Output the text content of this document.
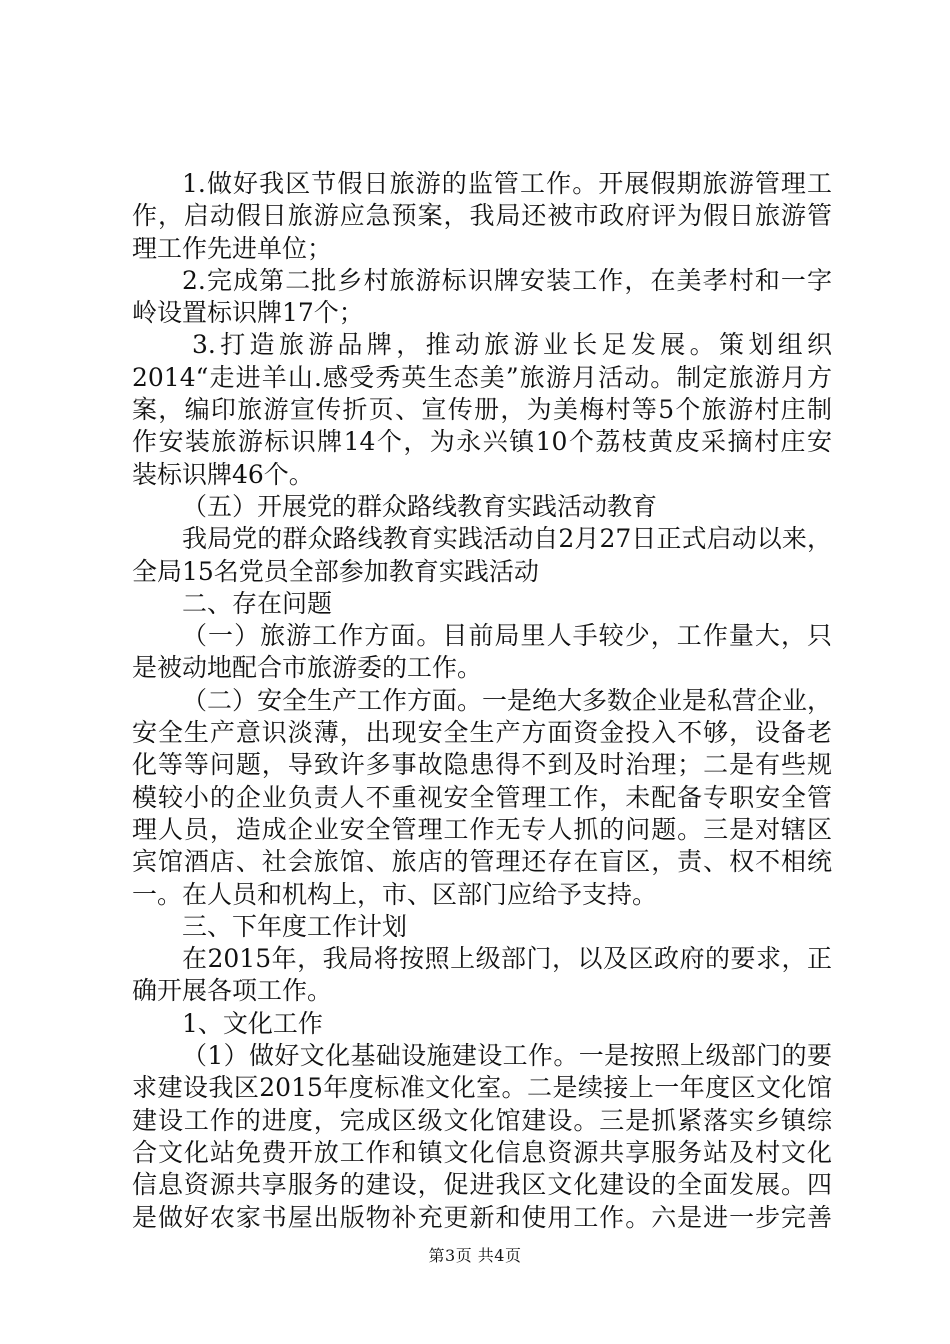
1.做好我区节假日旅游的监管工作。开展假期旅游管理工
作，启动假日旅游应急预案，我局还被市政府评为假日旅游管
理工作先进单位；
2.完成第二批乡村旅游标识牌安装工作，在美孝村和一字
岭设置标识牌17个；
3.打造旅游品牌，推动旅游业长足发展。策划组织
2014“走进羊山.感受秀英生态美”旅游月活动。制定旅游月方
案，编印旅游宣传折页、宣传册，为美梅村等5个旅游村庄制
作安装旅游标识牌14个，为永兴镇10个荔枝黄皮采摘村庄安
装标识牌46个。
（五）开展党的群众路线教育实践活动教育
我局党的群众路线教育实践活动自2月27日正式启动以来，
全局15名党员全部参加教育实践活动
二、存在问题
（一）旅游工作方面。目前局里人手较少，工作量大，只
是被动地配合市旅游委的工作。
（二）安全生产工作方面。一是绝大多数企业是私营企业，
安全生产意识淡薄，出现安全生产方面资金投入不够，设备老
化等等问题，导致许多事故隐患得不到及时治理；二是有些规
模较小的企业负责人不重视安全管理工作，未配备专职安全管
理人员，造成企业安全管理工作无专人抓的问题。三是对辖区
宾馆酒店、社会旅馆、旅店的管理还存在盲区，责、权不相统
一。在人员和机构上，市、区部门应给予支持。
三、下年度工作计划
在2015年，我局将按照上级部门，以及区政府的要求，正
确开展各项工作。
1、文化工作
（1）做好文化基础设施建设工作。一是按照上级部门的要
求建设我区2015年度标准文化室。二是续接上一年度区文化馆
建设工作的进度，完成区级文化馆建设。三是抓紧落实乡镇综
合文化站免费开放工作和镇文化信息资源共享服务站及村文化
信息资源共享服务的建设，促进我区文化建设的全面发展。四
是做好农家书屋出版物补充更新和使用工作。六是进一步完善
第3页 共4页
